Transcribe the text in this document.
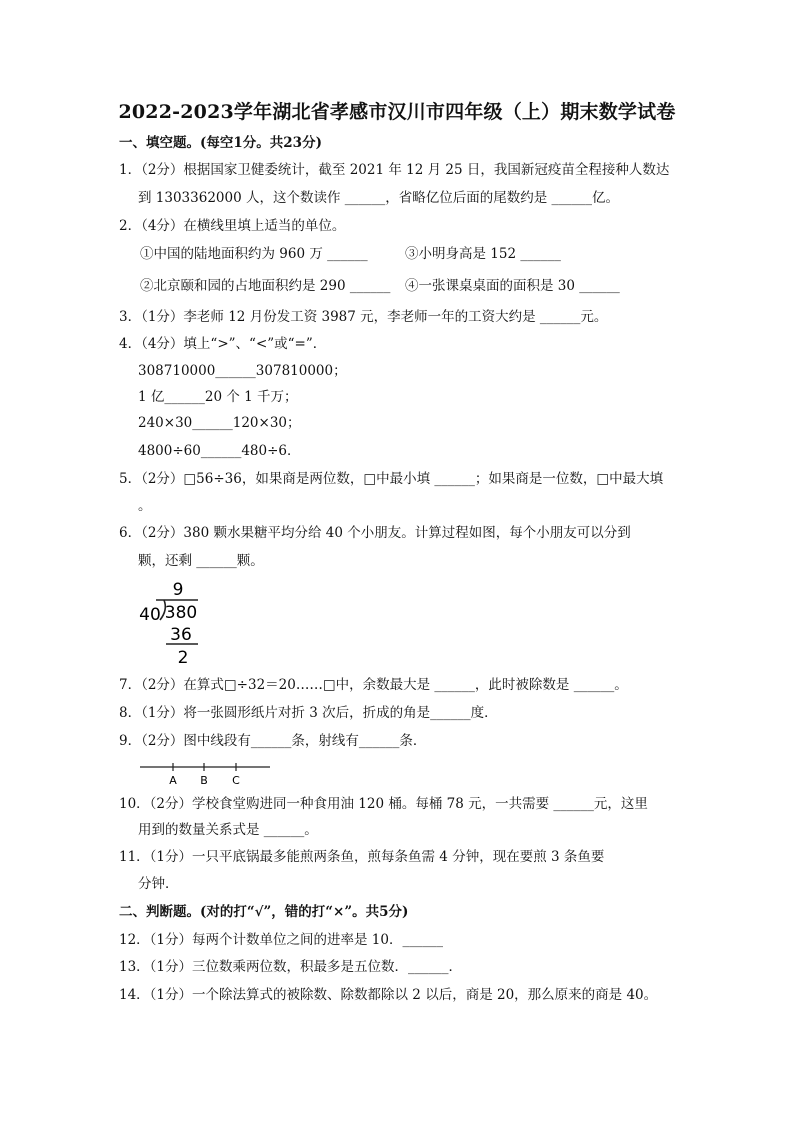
2022-2023学年湖北省孝感市汉川市四年级（上）期末数学试卷
一、填空题。(每空1分。共23分)
1．（2分）根据国家卫健委统计，截至 2021 年 12 月 25 日，我国新冠疫苗全程接种人数达
到 1303362000 人，这个数读作 ______，省略亿位后面的尾数约是 ______亿。
2．（4分）在横线里填上适当的单位。
①中国的陆地面积约为 960 万 ______	③小明身高是 152 ______
②北京颐和园的占地面积约是 290 ______ ④一张课桌桌面的面积是 30 ______
3．（1分）李老师 12 月份发工资 3987 元，李老师一年的工资大约是 ______元。
4．（4分）填上“>”、“<”或“=”．
308710000______307810000；
1 亿______20 个 1 千万；
240×30______120×30；
4800÷60______480÷6．
5．（2分）□56÷36，如果商是两位数，□中最小填 ______；如果商是一位数，□中最大填
。
6．（2分）380 颗水果糖平均分给 40 个小朋友。计算过程如图，每个小朋友可以分到
颗，还剩 ______颗。
9
40 380
36
2
7．（2分）在算式□÷32＝20……□中，余数最大是 ______，此时被除数是 ______。
8．（1分）将一张圆形纸片对折 3 次后，折成的角是______度．
9．（2分）图中线段有______条，射线有______条．
A B C
10．（2分）学校食堂购进同一种食用油 120 桶。每桶 78 元，一共需要 ______元，这里
用到的数量关系式是 ______。
11．（1分）一只平底锅最多能煎两条鱼，煎每条鱼需 4 分钟，现在要煎 3 条鱼要
分钟．
二、判断题。(对的打“√”，错的打“×”。共5分)
12．（1分）每两个计数单位之间的进率是 10．______
13．（1分）三位数乘两位数，积最多是五位数．______．
14．（1分）一个除法算式的被除数、除数都除以 2 以后，商是 20，那么原来的商是 40。
